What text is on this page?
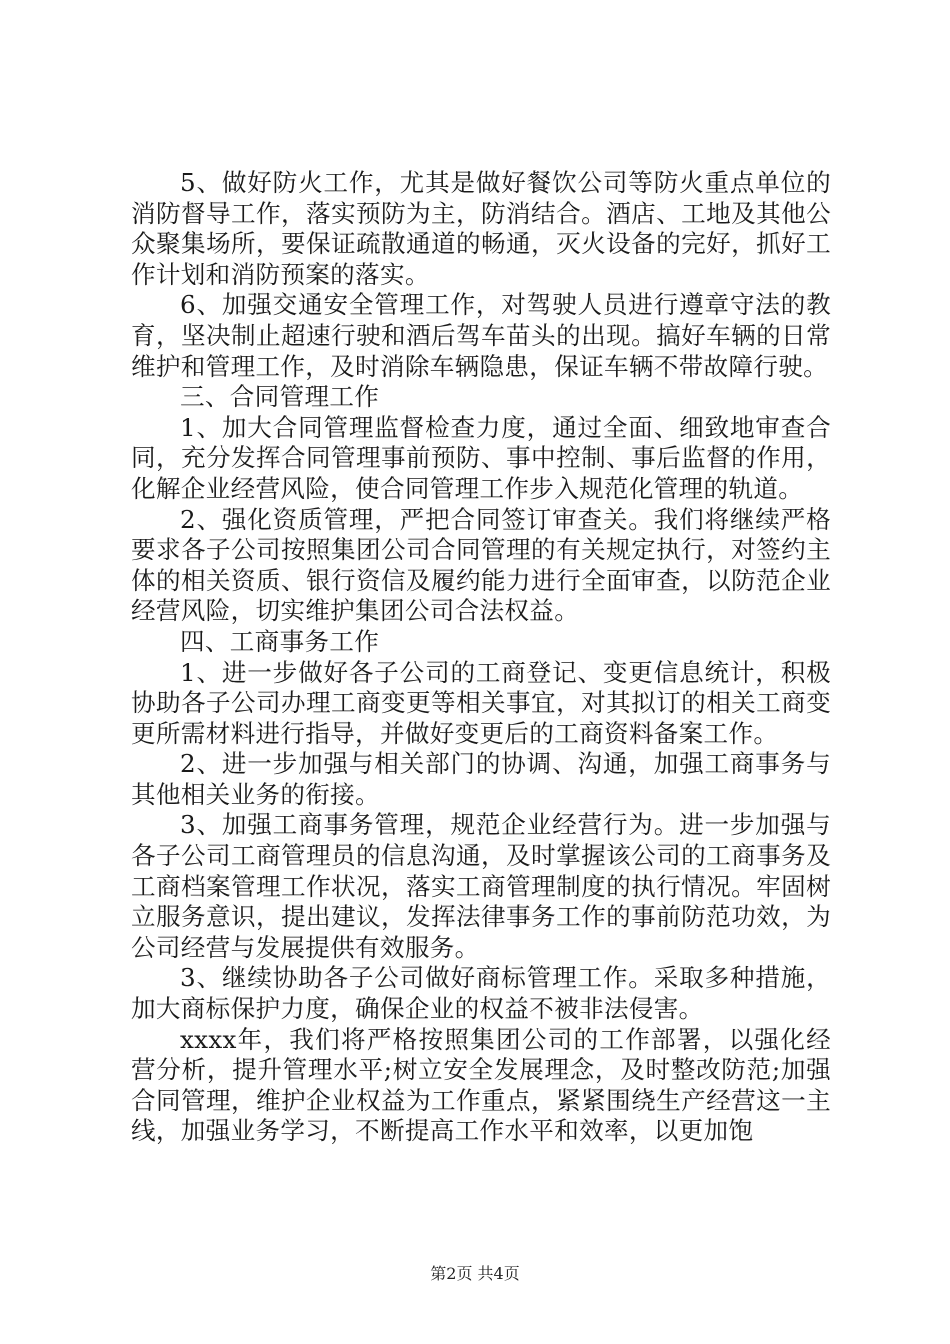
5、做好防火工作，尤其是做好餐饮公司等防火重点单位的消防督导工作，落实预防为主，防消结合。酒店、工地及其他公众聚集场所，要保证疏散通道的畅通，灭火设备的完好，抓好工作计划和消防预案的落实。

6、加强交通安全管理工作，对驾驶人员进行遵章守法的教育，坚决制止超速行驶和酒后驾车苗头的出现。搞好车辆的日常维护和管理工作，及时消除车辆隐患，保证车辆不带故障行驶。

三、合同管理工作

1、加大合同管理监督检查力度，通过全面、细致地审查合同，充分发挥合同管理事前预防、事中控制、事后监督的作用，化解企业经营风险，使合同管理工作步入规范化管理的轨道。

2、强化资质管理，严把合同签订审查关。我们将继续严格要求各子公司按照集团公司合同管理的有关规定执行，对签约主体的相关资质、银行资信及履约能力进行全面审查，以防范企业经营风险，切实维护集团公司合法权益。

四、工商事务工作

1、进一步做好各子公司的工商登记、变更信息统计，积极协助各子公司办理工商变更等相关事宜，对其拟订的相关工商变更所需材料进行指导，并做好变更后的工商资料备案工作。

2、进一步加强与相关部门的协调、沟通，加强工商事务与其他相关业务的衔接。

3、加强工商事务管理，规范企业经营行为。进一步加强与各子公司工商管理员的信息沟通，及时掌握该公司的工商事务及工商档案管理工作状况，落实工商管理制度的执行情况。牢固树立服务意识，提出建议，发挥法律事务工作的事前防范功效，为公司经营与发展提供有效服务。

3、继续协助各子公司做好商标管理工作。采取多种措施，加大商标保护力度，确保企业的权益不被非法侵害。

xxxx年，我们将严格按照集团公司的工作部署，以强化经营分析，提升管理水平;树立安全发展理念，及时整改防范;加强合同管理，维护企业权益为工作重点，紧紧围绕生产经营这一主线，加强业务学习，不断提高工作水平和效率，以更加饱

第2页 共4页
